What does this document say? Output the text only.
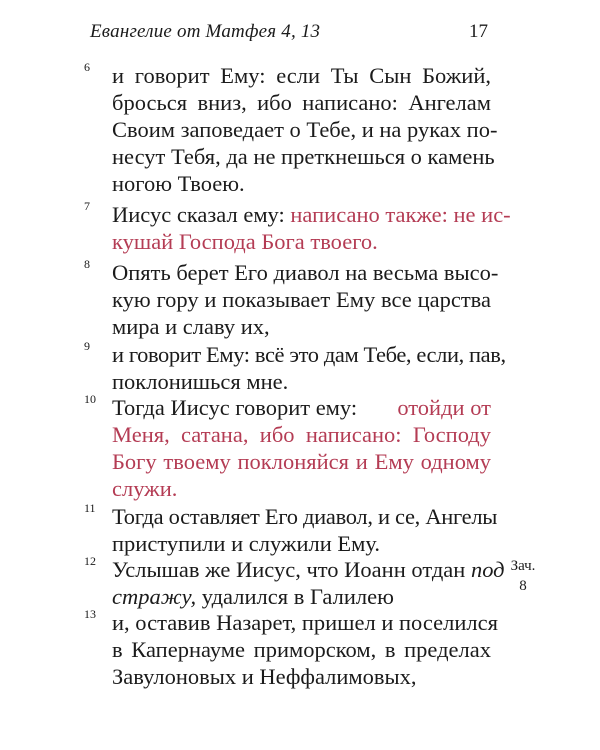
Евангелие от Матфея 4, 13	17
6 и говорит Ему: если Ты Сын Божий,
бросься вниз, ибо написано: Ангелам
Своим заповедает о Тебе, и на руках по-
несут Тебя, да не преткнешься о камень
ногою Твоею.
7 Иисус сказал ему: написано также: не ис-
кушай Господа Бога твоего.
8 Опять берет Его диавол на весьма высо-
кую гору и показывает Ему все царства
мира и славу их,
9 и говорит Ему: всё это дам Тебе, если, пав,
поклонишься мне.
10 Тогда Иисус говорит ему: отойди от
Меня, сатана, ибо написано: Господу
Богу твоему поклоняйся и Ему одному
служи.
11 Тогда оставляет Его диавол, и се, Ангелы
приступили и служили Ему.
12 Услышав же Иисус, что Иоанн отдан под
стражу, удалился в Галилею
13 и, оставив Назарет, пришел и поселился
в Капернауме приморском, в пределах
Завулоновых и Неффалимовых,
Зач.
8
